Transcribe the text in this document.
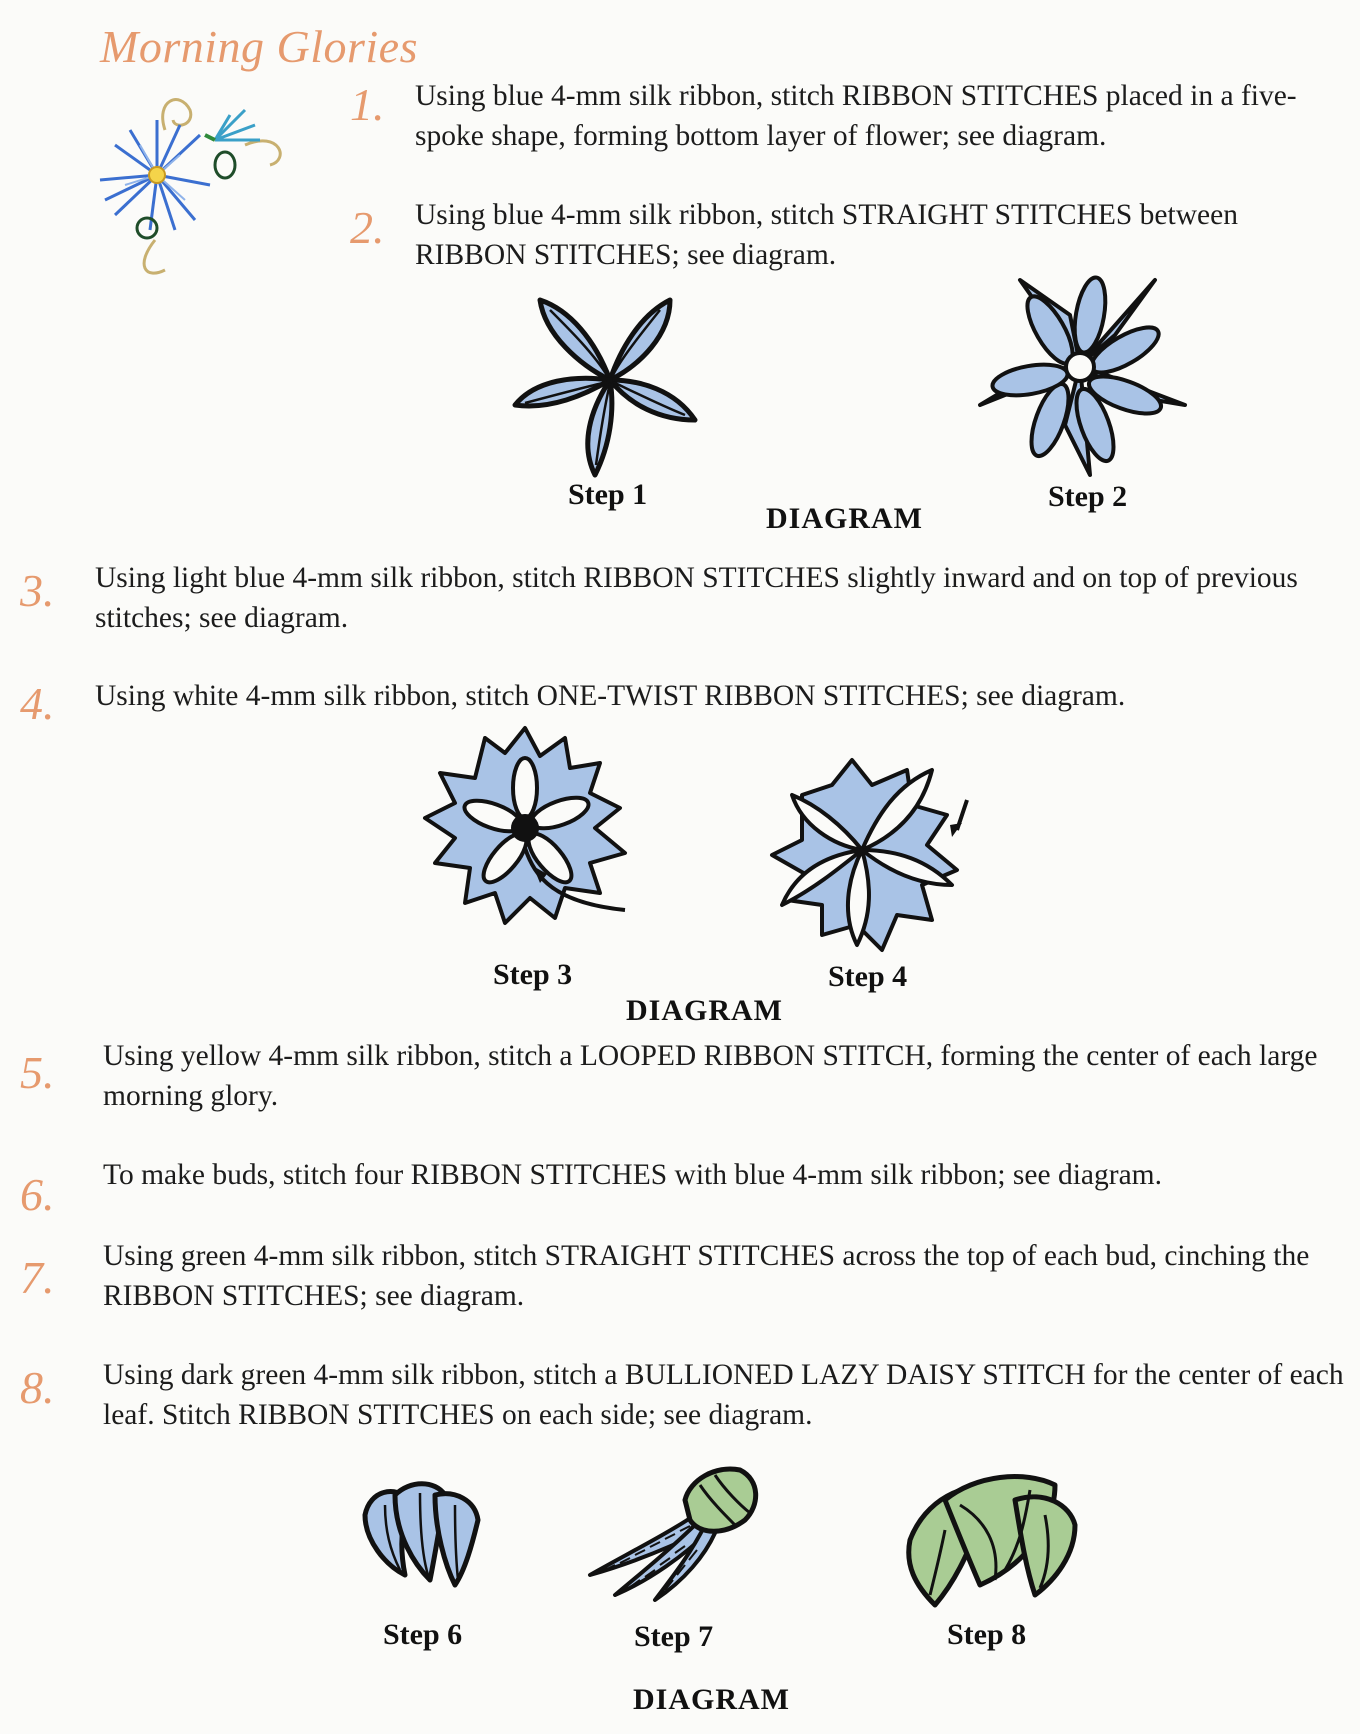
Morning Glories
1. Using blue 4-mm silk ribbon, stitch RIBBON STITCHES placed in a five-spoke shape, forming bottom layer of flower; see diagram.
2. Using blue 4-mm silk ribbon, stitch STRAIGHT STITCHES between RIBBON STITCHES; see diagram.
Step 1	Step 2
DIAGRAM
3. Using light blue 4-mm silk ribbon, stitch RIBBON STITCHES slightly inward and on top of previous stitches; see diagram.
4. Using white 4-mm silk ribbon, stitch ONE-TWIST RIBBON STITCHES; see diagram.
Step 3	Step 4
DIAGRAM
5. Using yellow 4-mm silk ribbon, stitch a LOOPED RIBBON STITCH, forming the center of each large morning glory.
6. To make buds, stitch four RIBBON STITCHES with blue 4-mm silk ribbon; see diagram.
7. Using green 4-mm silk ribbon, stitch STRAIGHT STITCHES across the top of each bud, cinching the RIBBON STITCHES; see diagram.
8. Using dark green 4-mm silk ribbon, stitch a BULLIONED LAZY DAISY STITCH for the center of each leaf. Stitch RIBBON STITCHES on each side; see diagram.
Step 6	Step 7	Step 8
DIAGRAM
